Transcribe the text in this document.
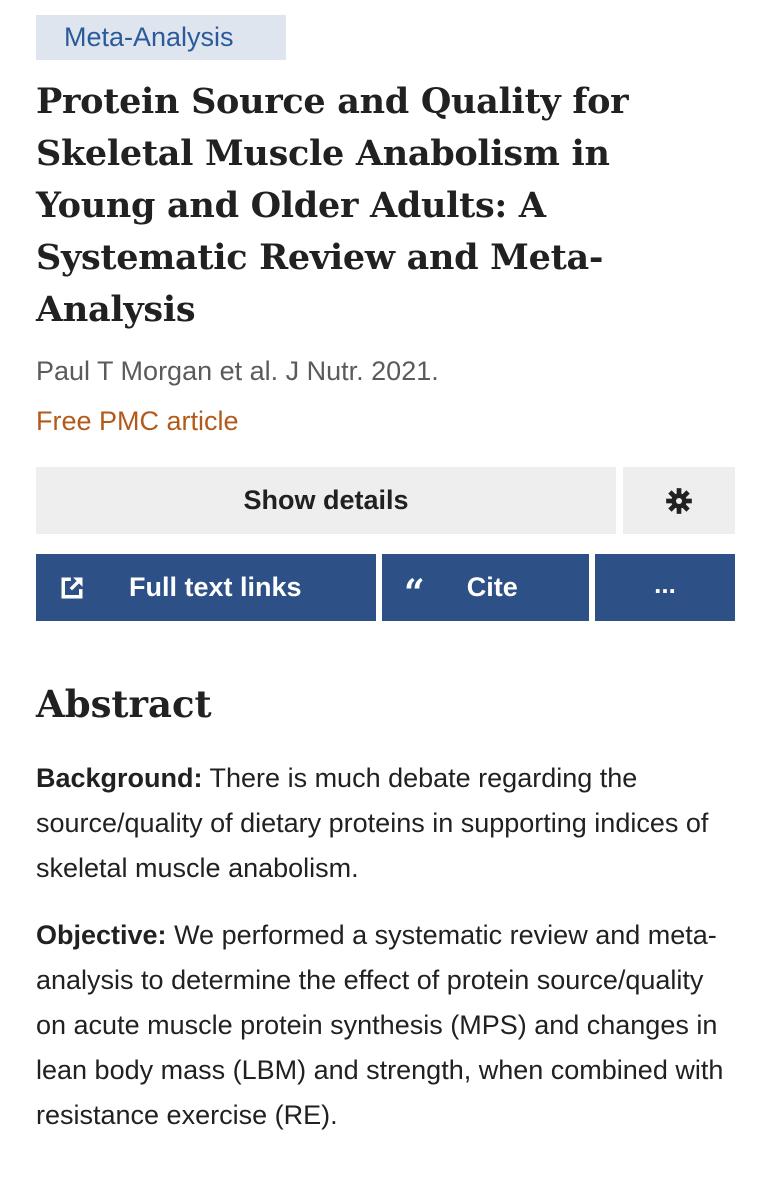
Meta-Analysis
Protein Source and Quality for Skeletal Muscle Anabolism in Young and Older Adults: A Systematic Review and Meta-Analysis
Paul T Morgan et al. J Nutr. 2021.
Free PMC article
Show details
Full text links	“ Cite	...
Abstract

Background: There is much debate regarding the source/quality of dietary proteins in supporting indices of skeletal muscle anabolism.

Objective: We performed a systematic review and meta-analysis to determine the effect of protein source/quality on acute muscle protein synthesis (MPS) and changes in lean body mass (LBM) and strength, when combined with resistance exercise (RE).
